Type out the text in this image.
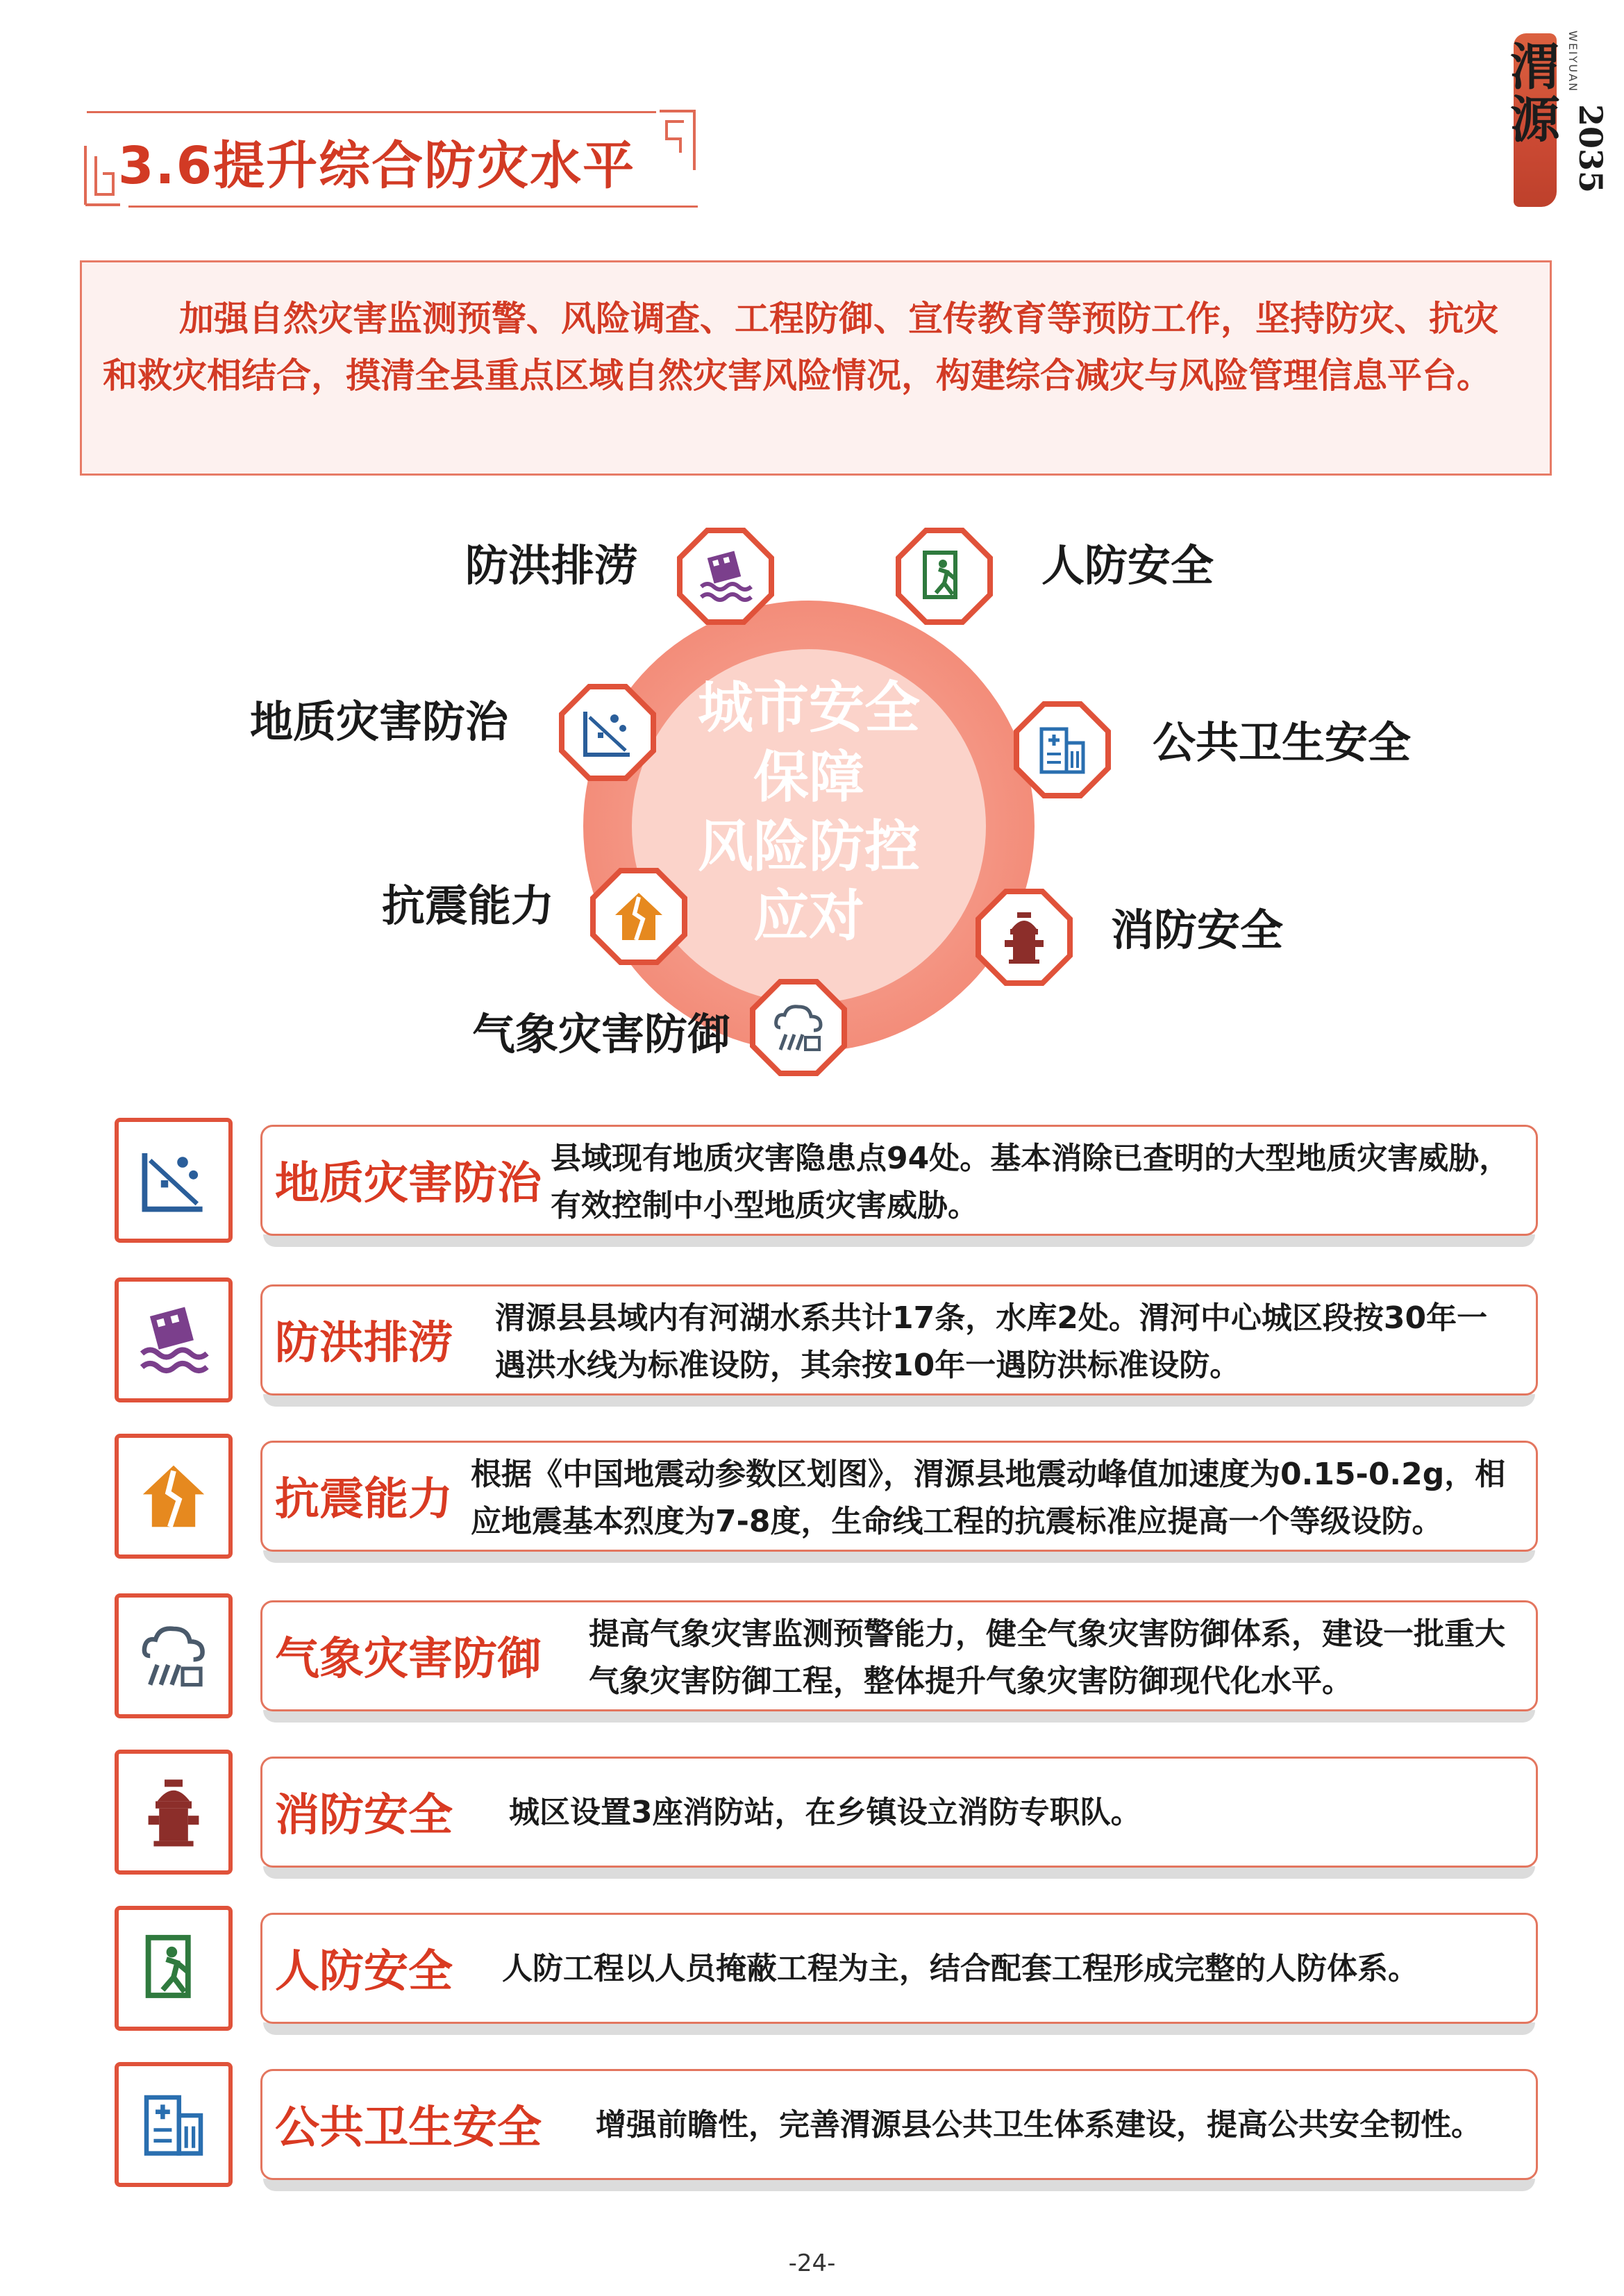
渭源 WEIYUAN
2035
3.6提升综合防灾水平
加强自然灾害监测预警、风险调查、工程防御、宣传教育等预防工作，坚持防灾、抗灾和救灾相结合，摸清全县重点区域自然灾害风险情况，构建综合减灾与风险管理信息平台。
城市安全
保障
风险防控
应对
防洪排涝	人防安全
地质灾害防治	公共卫生安全
抗震能力	消防安全
气象灾害防御
地质灾害防治 县域现有地质灾害隐患点94处。基本消除已查明的大型地质灾害威胁，
有效控制中小型地质灾害威胁。
防洪排涝 渭源县县域内有河湖水系共计17条，水库2处。渭河中心城区段按30年一
遇洪水线为标准设防，其余按10年一遇防洪标准设防。
抗震能力 根据《中国地震动参数区划图》，渭源县地震动峰值加速度为0.15-0.2g，相
应地震基本烈度为7-8度，生命线工程的抗震标准应提高一个等级设防。
气象灾害防御 提高气象灾害监测预警能力，健全气象灾害防御体系，建设一批重大
气象灾害防御工程，整体提升气象灾害防御现代化水平。
消防安全 城区设置3座消防站，在乡镇设立消防专职队。
人防安全 人防工程以人员掩蔽工程为主，结合配套工程形成完整的人防体系。
公共卫生安全 增强前瞻性，完善渭源县公共卫生体系建设，提高公共安全韧性。
-24-
